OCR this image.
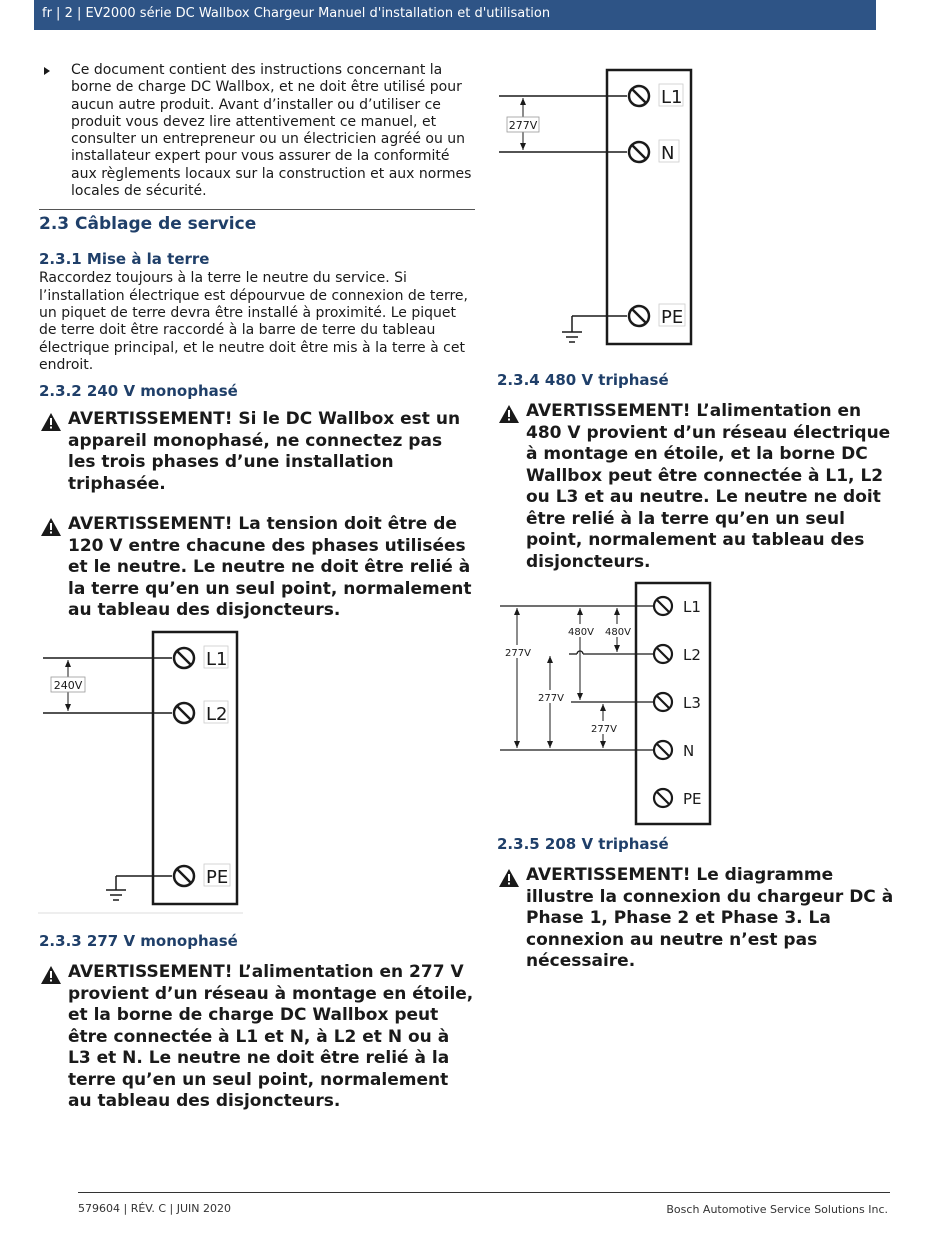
fr | 2 | EV2000 série DC Wallbox Chargeur Manuel d'installation et d'utilisation
Ce document contient des instructions concernant la borne de charge DC Wallbox, et ne doit être utilisé pour aucun autre produit. Avant d’installer ou d’utiliser ce produit vous devez lire attentivement ce manuel, et consulter un entrepreneur ou un électricien agréé ou un installateur expert pour vous assurer de la conformité aux règlements locaux sur la construction et aux normes locales de sécurité.
2.3 Câblage de service
2.3.1 Mise à la terre
Raccordez toujours à la terre le neutre du service. Si l’installation électrique est dépourvue de connexion de terre, un piquet de terre devra être installé à proximité. Le piquet de terre doit être raccordé à la barre de terre du tableau électrique principal, et le neutre doit être mis à la terre à cet endroit.
2.3.2 240 V monophasé
AVERTISSEMENT! Si le DC Wallbox est un appareil monophasé, ne connectez pas les trois phases d’une installation triphasée.
AVERTISSEMENT! La tension doit être de 120 V entre chacune des phases utilisées et le neutre. Le neutre ne doit être relié à la terre qu’en un seul point, normalement au tableau des disjoncteurs.
240V
L1
L2
PE
2.3.3 277 V monophasé
AVERTISSEMENT! L’alimentation en 277 V provient d’un réseau à montage en étoile, et la borne de charge DC Wallbox peut être connectée à L1 et N, à L2 et N ou à L3 et N. Le neutre ne doit être relié à la terre qu’en un seul point, normalement au tableau des disjoncteurs.
277V
L1
N
PE
2.3.4 480 V triphasé
AVERTISSEMENT! L’alimentation en 480 V provient d’un réseau électrique à montage en étoile, et la borne DC Wallbox peut être connectée à L1, L2 ou L3 et au neutre. Le neutre ne doit être relié à la terre qu’en un seul point, normalement au tableau des disjoncteurs.
277V
277V
480V 480V
277V
L1
L2
L3
N
PE
2.3.5 208 V triphasé
AVERTISSEMENT! Le diagramme illustre la connexion du chargeur DC à Phase 1, Phase 2 et Phase 3. La connexion au neutre n’est pas nécessaire.
579604 | RÉV. C | JUIN 2020	Bosch Automotive Service Solutions Inc.
